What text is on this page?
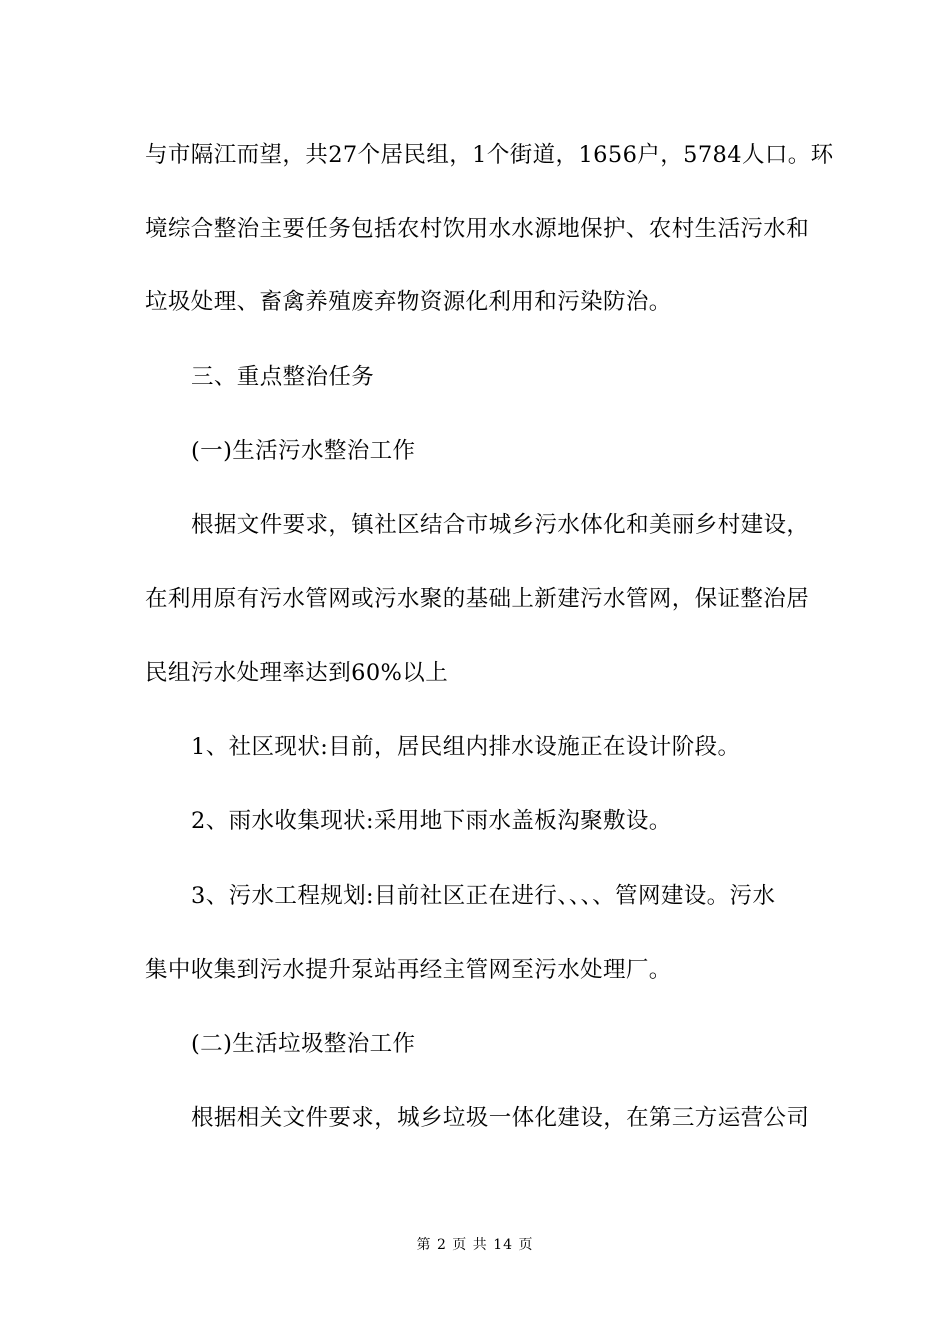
与市隔江而望，共27个居民组，1个街道，1656户，5784人口。环
境综合整治主要任务包括农村饮用水水源地保护、农村生活污水和
垃圾处理、畜禽养殖废弃物资源化利用和污染防治。
三、重点整治任务
(一)生活污水整治工作
根据文件要求，镇社区结合市城乡污水体化和美丽乡村建设，
在利用原有污水管网或污水聚的基础上新建污水管网，保证整治居
民组污水处理率达到60%以上
1、社区现状:目前，居民组内排水设施正在设计阶段。
2、雨水收集现状:采用地下雨水盖板沟聚敷设。
3、污水工程规划:目前社区正在进行、、、、管网建设。污水
集中收集到污水提升泵站再经主管网至污水处理厂。
(二)生活垃圾整治工作
根据相关文件要求，城乡垃圾一体化建设，在第三方运营公司
第 2 页 共 14 页
